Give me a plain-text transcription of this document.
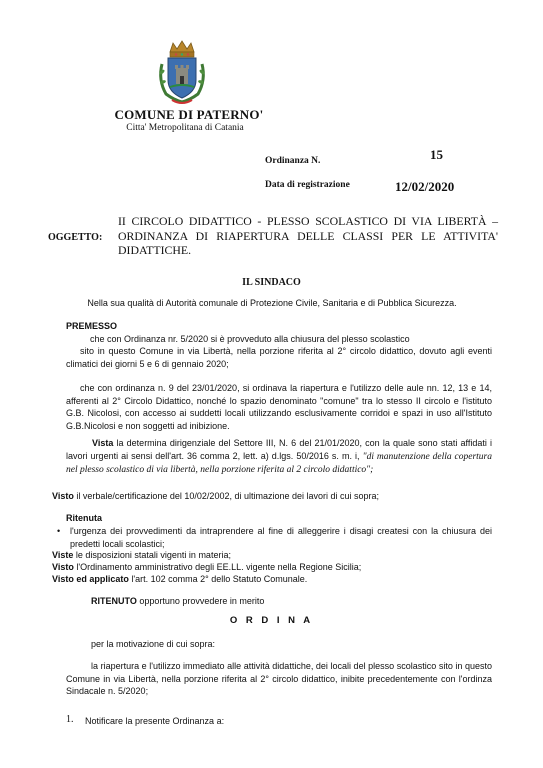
COMUNE DI PATERNO'
Citta' Metropolitana di Catania
Ordinanza N.	15
Data di registrazione	12/02/2020
OGGETTO:
II CIRCOLO DIDATTICO - PLESSO SCOLASTICO DI VIA LIBERTÀ – ORDINANZA DI RIAPERTURA DELLE CLASSI PER LE ATTIVITA' DIDATTICHE.
IL SINDACO
Nella sua qualità di Autorità comunale di Protezione Civile, Sanitaria e di Pubblica Sicurezza.
PREMESSO
che con Ordinanza nr. 5/2020 si è provveduto alla chiusura del plesso scolastico
sito in questo Comune in via Libertà, nella porzione riferita al 2° circolo didattico, dovuto agli eventi climatici dei giorni 5 e 6 di gennaio 2020;
che con ordinanza n. 9 del 23/01/2020, si ordinava la riapertura e l'utilizzo delle aule nn. 12, 13 e 14, afferenti al 2° Circolo Didattico, nonché lo spazio denominato "comune" tra lo stesso II circolo e l'istituto G.B. Nicolosi, con accesso ai suddetti locali utilizzando esclusivamente corridoi e spazi in uso all'Istituto G.B.Nicolosi e non soggetti ad inibizione.
Vista la determina dirigenziale del Settore III, N. 6 del 21/01/2020, con la quale sono stati affidati i lavori urgenti ai sensi dell'art. 36 comma 2, lett. a) d.lgs. 50/2016 s. m. i, "di manutenzione della copertura nel plesso scolastico di via libertà, nella porzione riferita al 2 circolo didattico";
Visto il verbale/certificazione del 10/02/2002, di ultimazione dei lavori di cui sopra;
Ritenuta
• l'urgenza dei provvedimenti da intraprendere al fine di alleggerire i disagi createsi con la chiusura dei predetti locali scolastici;
Viste le disposizioni statali vigenti in materia;
Visto l'Ordinamento amministrativo degli EE.LL. vigente nella Regione Sicilia;
Visto ed applicato l'art. 102 comma 2° dello Statuto Comunale.
RITENUTO opportuno provvedere in merito
O R D I N A
per la motivazione di cui sopra:
la riapertura e l'utilizzo immediato alle attività didattiche, dei locali del plesso scolastico sito in questo Comune in via Libertà, nella porzione riferita al 2° circolo didattico, inibite precedentemente con l'ordinza Sindacale n. 5/2020;
1. Notificare la presente Ordinanza a:
